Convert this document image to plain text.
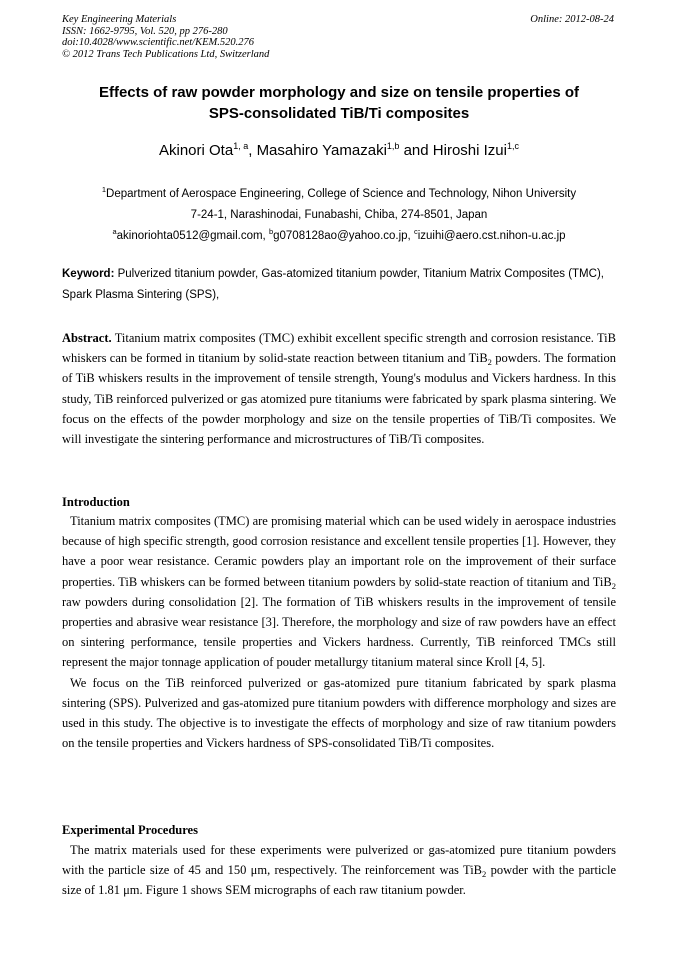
Key Engineering Materials
ISSN: 1662-9795, Vol. 520, pp 276-280
doi:10.4028/www.scientific.net/KEM.520.276
© 2012 Trans Tech Publications Ltd, Switzerland
Online: 2012-08-24
Effects of raw powder morphology and size on tensile properties of
SPS-consolidated TiB/Ti composites
Akinori Ota$^{1, a}$, Masahiro Yamazaki$^{1,b}$ and Hiroshi Izui$^{1,c}$
$^1$Department of Aerospace Engineering, College of Science and Technology, Nihon University
7-24-1, Narashinodai, Funabashi, Chiba, 274-8501, Japan
$^a$akinoriohta0512@gmail.com, $^b$g0708128ao@yahoo.co.jp, $^c$izuihi@aero.cst.nihon-u.ac.jp
Keyword: Pulverized titanium powder, Gas-atomized titanium powder, Titanium Matrix Composites (TMC), Spark Plasma Sintering (SPS),

Abstract. Titanium matrix composites (TMC) exhibit excellent specific strength and corrosion resistance. TiB whiskers can be formed in titanium by solid-state reaction between titanium and TiB$_2$ powders. The formation of TiB whiskers results in the improvement of tensile strength, Young's modulus and Vickers hardness. In this study, TiB reinforced pulverized or gas atomized pure titaniums were fabricated by spark plasma sintering. We focus on the effects of the powder morphology and size on the tensile properties of TiB/Ti composites. We will investigate the sintering performance and microstructures of TiB/Ti composites.

Introduction

Titanium matrix composites (TMC) are promising material which can be used widely in aerospace industries because of high specific strength, good corrosion resistance and excellent tensile properties [1]. However, they have a poor wear resistance. Ceramic powders play an important role on the improvement of their surface properties. TiB whiskers can be formed between titanium powders by solid-state reaction of titanium and TiB$_2$ raw powders during consolidation [2]. The formation of TiB whiskers results in the improvement of tensile properties and abrasive wear resistance [3]. Therefore, the morphology and size of raw powders have an effect on sintering performance, tensile properties and Vickers hardness. Currently, TiB reinforced TMCs still represent the major tonnage application of pouder metallurgy titanium materal since Kroll [4, 5].

We focus on the TiB reinforced pulverized or gas-atomized pure titanium fabricated by spark plasma sintering (SPS). Pulverized and gas-atomized pure titanium powders with difference morphology and sizes are used in this study. The objective is to investigate the effects of morphology and size of raw titanium powders on the tensile properties and Vickers hardness of SPS-consolidated TiB/Ti composites.

Experimental Procedures

The matrix materials used for these experiments were pulverized or gas-atomized pure titanium powders with the particle size of 45 and 150 μm, respectively. The reinforcement was TiB$_2$ powder with the particle size of 1.81 μm. Figure 1 shows SEM micrographs of each raw titanium powder.
